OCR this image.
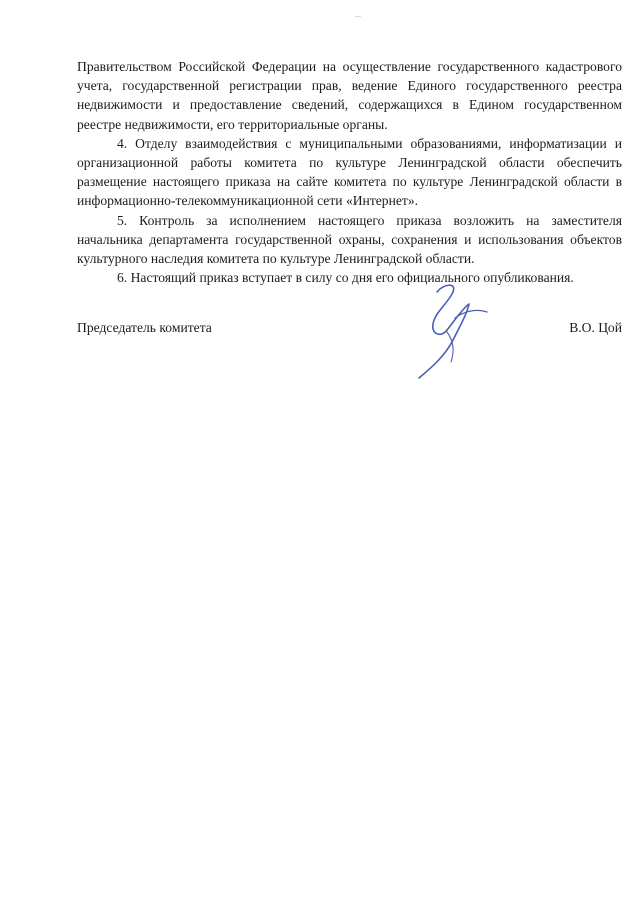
Правительством Российской Федерации на осуществление государственного кадастрового учета, государственной регистрации прав, ведение Единого государственного реестра недвижимости и предоставление сведений, содержащихся в Едином государственном реестре недвижимости, его территориальные органы.

4. Отделу взаимодействия с муниципальными образованиями, информатизации и организационной работы комитета по культуре Ленинградской области обеспечить размещение настоящего приказа на сайте комитета по культуре Ленинградской области в информационно-телекоммуникационной сети «Интернет».

5. Контроль за исполнением настоящего приказа возложить на заместителя начальника департамента государственной охраны, сохранения и использования объектов культурного наследия комитета по культуре Ленинградской области.

6. Настоящий приказ вступает в силу со дня его официального опубликования.

Председатель комитета	В.О. Цой
